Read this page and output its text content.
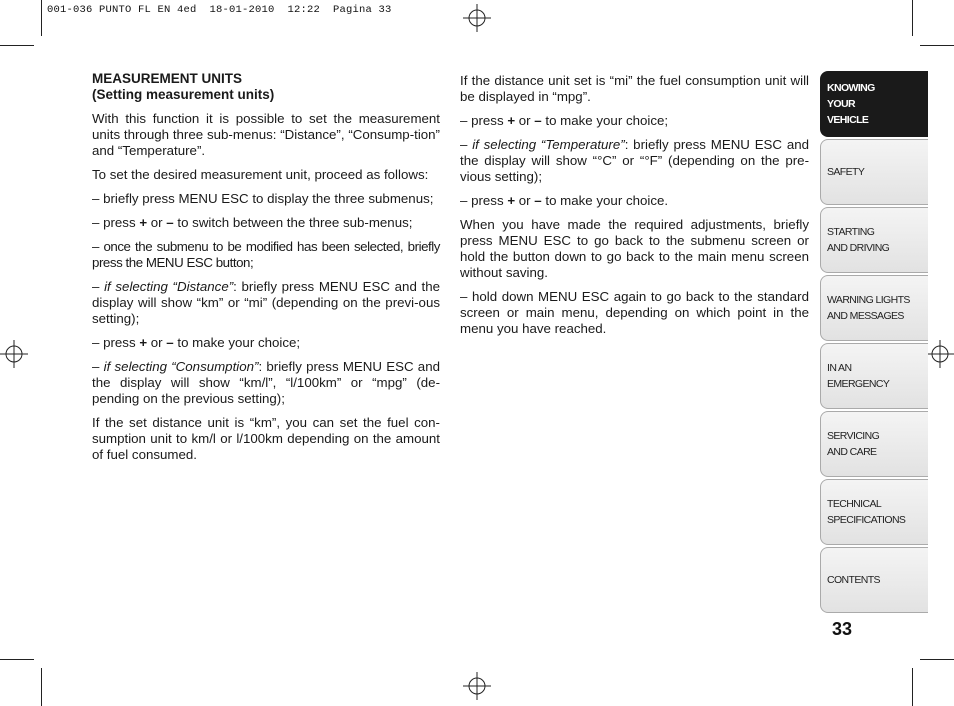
001-036 PUNTO FL EN 4ed  18-01-2010  12:22  Pagina 33
MEASUREMENT UNITS
(Setting measurement units)

With this function it is possible to set the measurement units through three sub-menus: “Distance”, “Consump-tion” and “Temperature”.

To set the desired measurement unit, proceed as follows:

– briefly press MENU ESC to display the three submenus;

– press + or – to switch between the three sub-menus;

– once the submenu to be modified has been selected, briefly press the MENU ESC button;

– if selecting “Distance”: briefly press MENU ESC and the display will show “km” or “mi” (depending on the previ-ous setting);

– press + or – to make your choice;

– if selecting “Consumption”: briefly press MENU ESC and the display will show “km/l”, “l/100km” or “mpg” (de-pending on the previous setting);

If the set distance unit is “km”, you can set the fuel con-sumption unit to km/l or l/100km depending on the amount of fuel consumed.

If the distance unit set is “mi” the fuel consumption unit will be displayed in “mpg”.

– press + or – to make your choice;

– if selecting “Temperature”: briefly press MENU ESC and the display will show “°C” or “°F” (depending on the pre-vious setting);

– press + or – to make your choice.

When you have made the required adjustments, briefly press MENU ESC to go back to the submenu screen or hold the button down to go back to the main menu screen without saving.

– hold down MENU ESC again to go back to the standard screen or main menu, depending on which point in the menu you have reached.

KNOWING
YOUR
VEHICLE
SAFETY
STARTING
AND DRIVING
WARNING LIGHTS
AND MESSAGES
IN AN
EMERGENCY
SERVICING
AND CARE
TECHNICAL
SPECIFICATIONS
CONTENTS
33
